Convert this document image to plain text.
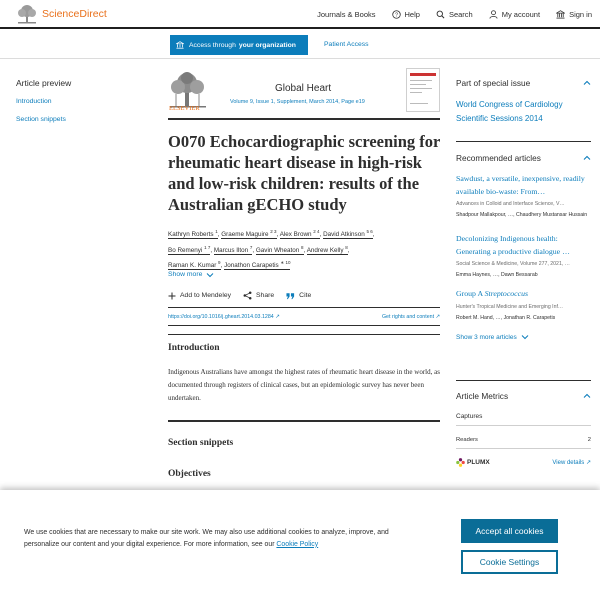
ScienceDirect	Journals & Books	? Help	Search	My account	Sign in
Access through your organization	Patient Access
Article preview
Introduction
Section snippets
ELSEVIER
Global Heart
Volume 9, Issue 1, Supplement, March 2014, Page e19
O070 Echocardiographic screening for rheumatic heart disease in high-risk and low-risk children: results of the Australian gECHO study
Kathryn Roberts $^1$, Graeme Maguire $^{2 3}$, Alex Brown $^{2 4}$, David Atkinson $^{5 6}$,
Bo Remenyi $^{1 7}$, Marcus Ilton $^7$, Gavin Wheaton $^8$, Andrew Kelly $^8$,
Raman K. Kumar $^9$, Jonathon Carapetis $^{∗ 10}$
Show more
Add to Mendeley	Share	Cite
https://doi.org/10.1016/j.gheart.2014.03.1284 ↗	Get rights and content ↗
Introduction

Indigenous Australians have amongst the highest rates of rheumatic heart disease in the world, as documented through registers of clinical cases, but an epidemiologic survey has never been undertaken.

Section snippets
Objectives
Part of special issue
World Congress of Cardiology Scientific Sessions 2014
Recommended articles
Sawdust, a versatile, inexpensive, readily available bio-waste: From…
Advances in Colloid and Interface Science, V…
Shadpour Mallakpour, …, Chaudhery Mustansar Hussain
Decolonizing Indigenous health: Generating a productive dialogue …
Social Science & Medicine, Volume 277, 2021, …
Emma Haynes, …, Dawn Bessarab
Group A Streptococcus
Hunter's Tropical Medicine and Emerging Inf…
Robert M. Hand, …, Jonathan R. Carapetis
Show 3 more articles
Article Metrics
Captures
Readers	2
PLUMX	View details ↗

We use cookies that are necessary to make our site work. We may also use additional cookies to analyze, improve, and personalize our content and your digital experience. For more information, see our Cookie Policy

Accept all cookies
Cookie Settings
